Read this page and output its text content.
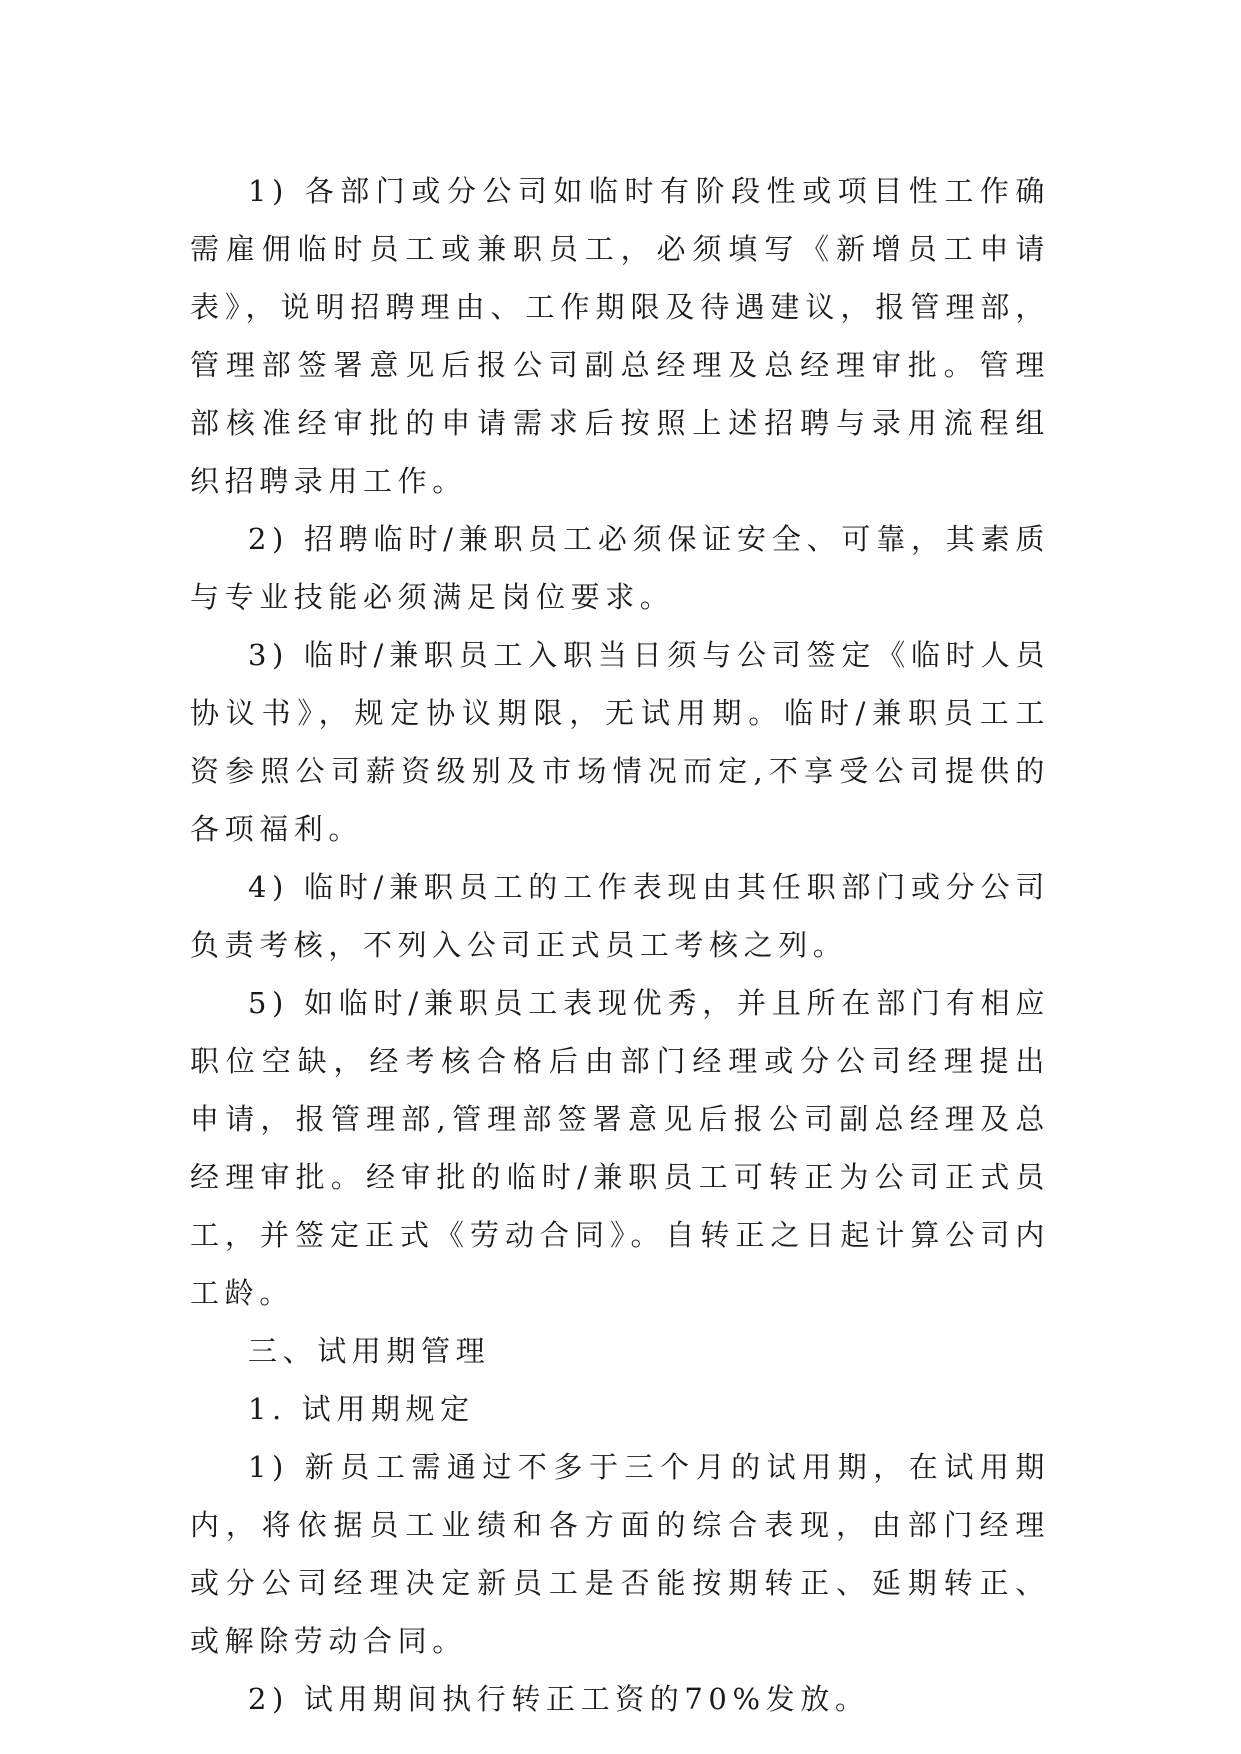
1) 各部门或分公司如临时有阶段性或项目性工作确需雇佣临时员工或兼职员工，必须填写《新增员工申请表》，说明招聘理由、工作期限及待遇建议，报管理部，管理部签署意见后报公司副总经理及总经理审批。管理部核准经审批的申请需求后按照上述招聘与录用流程组织招聘录用工作。

2) 招聘临时/兼职员工必须保证安全、可靠，其素质与专业技能必须满足岗位要求。

3) 临时/兼职员工入职当日须与公司签定《临时人员协议书》，规定协议期限，无试用期。临时/兼职员工工资参照公司薪资级别及市场情况而定,不享受公司提供的各项福利。

4) 临时/兼职员工的工作表现由其任职部门或分公司负责考核，不列入公司正式员工考核之列。

5) 如临时/兼职员工表现优秀，并且所在部门有相应职位空缺，经考核合格后由部门经理或分公司经理提出申请，报管理部,管理部签署意见后报公司副总经理及总经理审批。经审批的临时/兼职员工可转正为公司正式员工，并签定正式《劳动合同》。自转正之日起计算公司内工龄。

三、试用期管理

1. 试用期规定

1) 新员工需通过不多于三个月的试用期，在试用期内，将依据员工业绩和各方面的综合表现，由部门经理或分公司经理决定新员工是否能按期转正、延期转正、或解除劳动合同。

2) 试用期间执行转正工资的70%发放。
